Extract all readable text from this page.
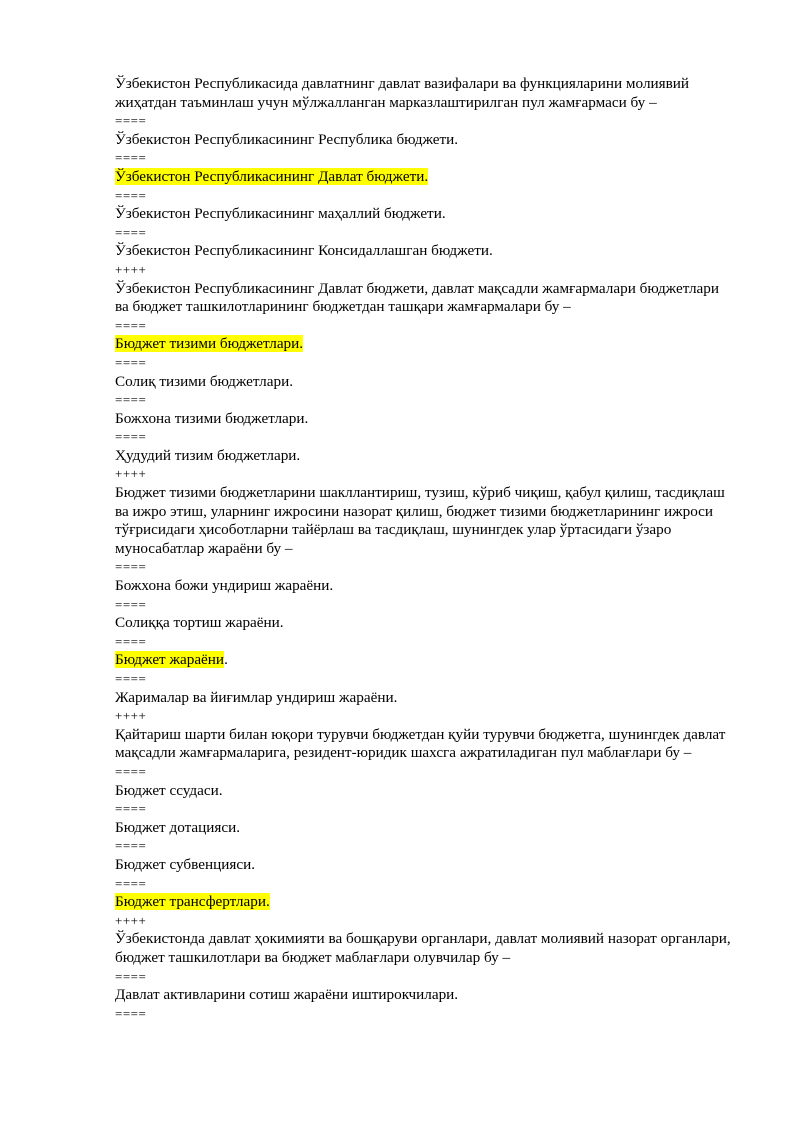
Ўзбекистон Республикасида давлатнинг давлат вазифалари ва функцияларини молиявий жиҳатдан таъминлаш учун мўлжалланган марказлаштирилган пул жамғармаси бу –

====

Ўзбекистон Республикасининг Республика бюджети.

====

Ўзбекистон Республикасининг Давлат бюджети.

====

Ўзбекистон Республикасининг маҳаллий бюджети.

====

Ўзбекистон Республикасининг Консидаллашган бюджети.

++++

Ўзбекистон Республикасининг Давлат бюджети, давлат мақсадли жамғармалари бюджетлари ва бюджет ташкилотларининг бюджетдан ташқари жамғармалари бу –

====

Бюджет тизими бюджетлари.

====

Солиқ тизими бюджетлари.

====

Божхона тизими бюджетлари.

====

Ҳудудий тизим бюджетлари.

++++

Бюджет тизими бюджетларини шакллантириш, тузиш, кўриб чиқиш, қабул қилиш, тасдиқлаш ва ижро этиш, уларнинг ижросини назорат қилиш, бюджет тизими бюджетларининг ижроси тўғрисидаги ҳисоботларни тайёрлаш ва тасдиқлаш, шунингдек улар ўртасидаги ўзаро муносабатлар жараёни бу –

====

Божхона божи ундириш жараёни.

====

Солиққа тортиш жараёни.

====

Бюджет жараёни.

====

Жарималар ва йиғимлар ундириш жараёни.

++++

Қайтариш шарти билан юқори турувчи бюджетдан қуйи турувчи бюджетга, шунингдек давлат мақсадли жамғармаларига, резидент-юридик шахсга ажратиладиган пул маблағлари бу –

====

Бюджет ссудаси.

====

Бюджет дотацияси.

====

Бюджет субвенцияси.

====

Бюджет трансфертлари.

++++

Ўзбекистонда давлат ҳокимияти ва бошқаруви органлари, давлат молиявий назорат органлари, бюджет ташкилотлари ва бюджет маблағлари олувчилар бу –

====

Давлат активларини сотиш жараёни иштирокчилари.

====
